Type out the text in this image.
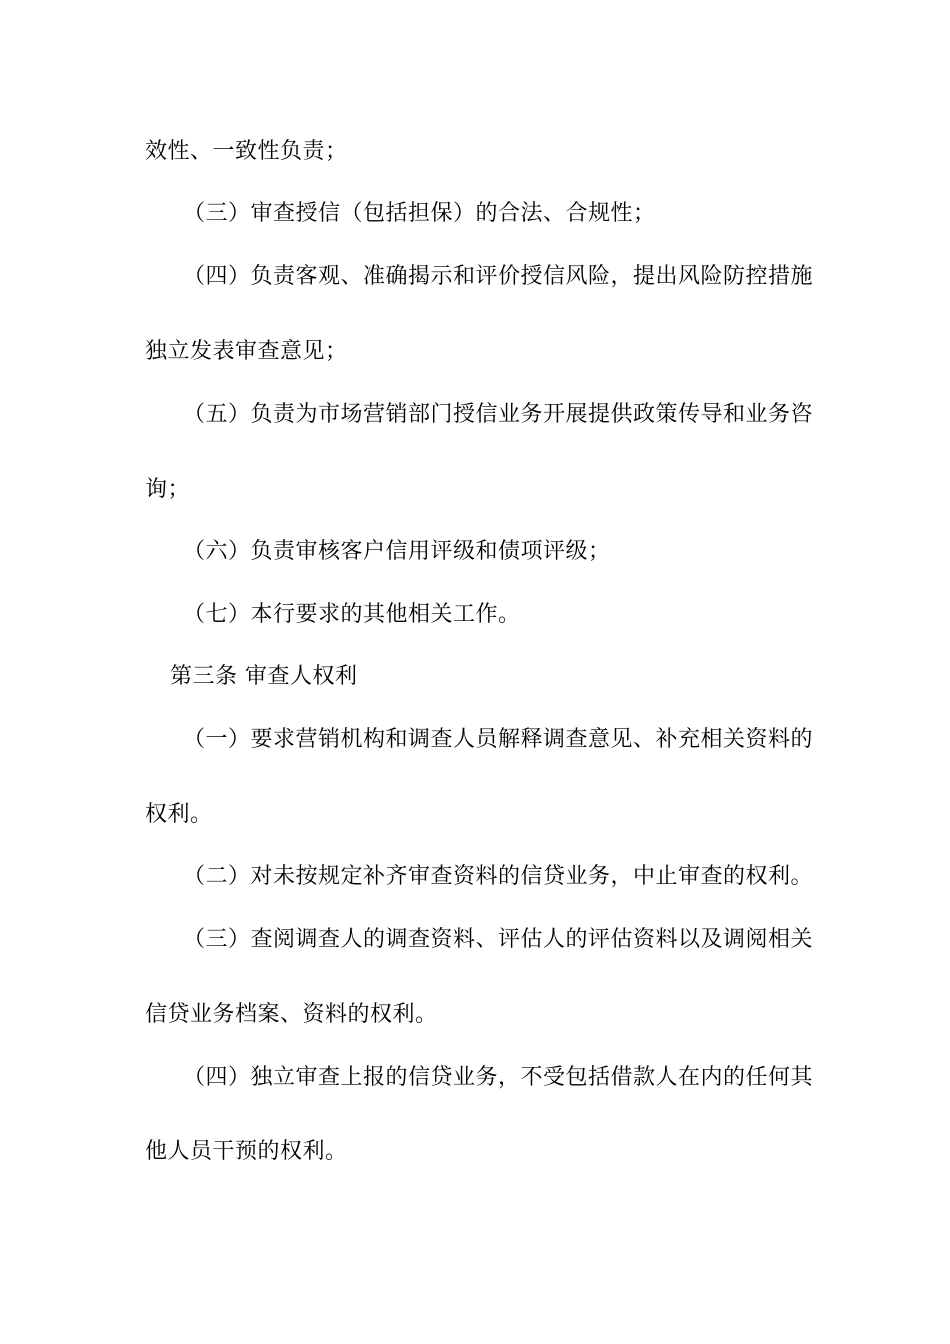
效性、一致性负责；
（三）审查授信（包括担保）的合法、合规性；
（四）负责客观、准确揭示和评价授信风险，提出风险防控措施
独立发表审查意见；
（五）负责为市场营销部门授信业务开展提供政策传导和业务咨
询；
（六）负责审核客户信用评级和债项评级；
（七）本行要求的其他相关工作。
第三条 审查人权利
（一）要求营销机构和调查人员解释调查意见、补充相关资料的
权利。
（二）对未按规定补齐审查资料的信贷业务，中止审查的权利。
（三）查阅调查人的调查资料、评估人的评估资料以及调阅相关
信贷业务档案、资料的权利。
（四）独立审查上报的信贷业务，不受包括借款人在内的任何其
他人员干预的权利。
